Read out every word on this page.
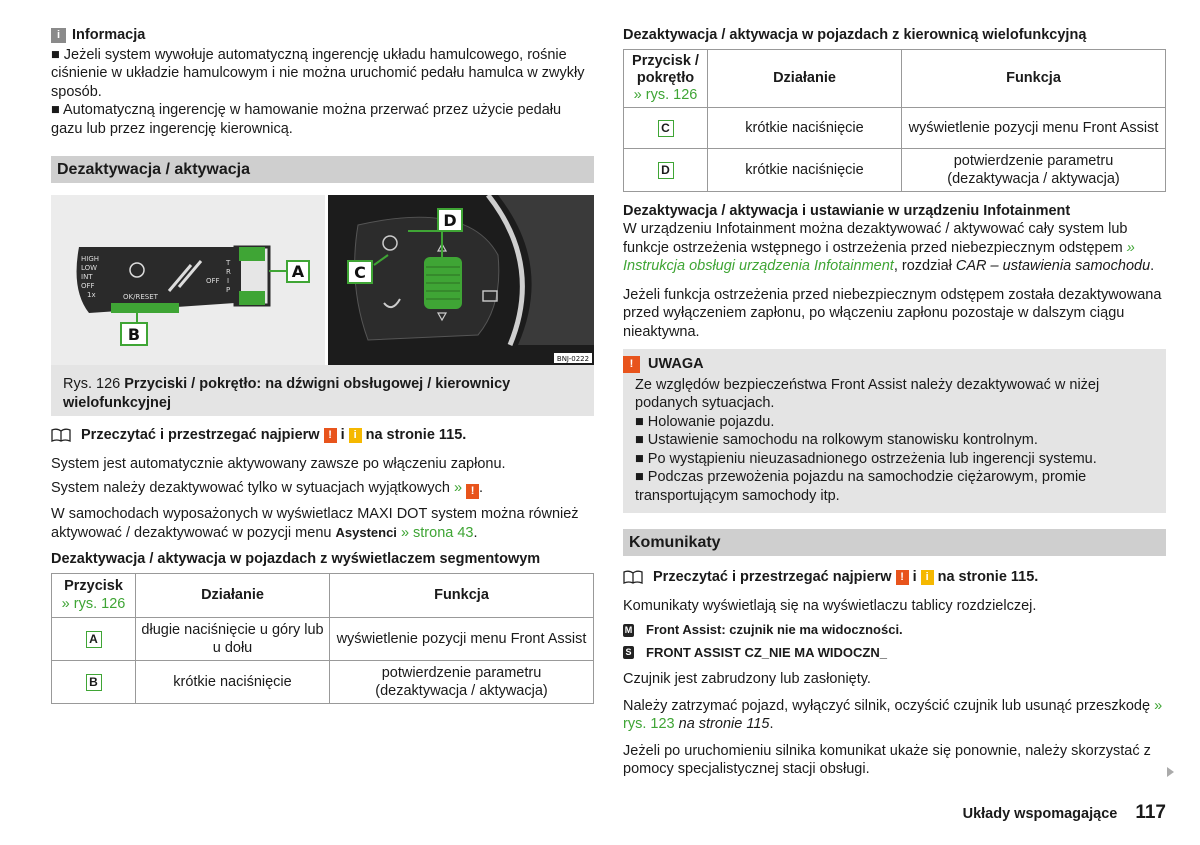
i Informacja
■ Jeżeli system wywołuje automatyczną ingerencję układu hamulcowego, rośnie ciśnienie w układzie hamulcowym i nie można uruchomić pedału hamulca w zwykły sposób.
■ Automatyczną ingerencję w hamowanie można przerwać przez użycie pedału gazu lub przez ingerencję kierownicą.
Dezaktywacja / aktywacja
HIGH
LOW
INT
OFF
1x	OK/RESET
OFF
T
R
I
P
A
B
D
C
BNJ-0222
Rys. 126 Przyciski / pokrętło: na dźwigni obsługowej / kierownicy wielofunkcyjnej
Przeczytać i przestrzegać najpierw ! i i na stronie 115.
System jest automatycznie aktywowany zawsze po włączeniu zapłonu.
System należy dezaktywować tylko w sytuacjach wyjątkowych » ! .
W samochodach wyposażonych w wyświetlacz MAXI DOT system można również aktywować / dezaktywować w pozycji menu Asystenci » strona 43.
Dezaktywacja / aktywacja w pojazdach z wyświetlaczem segmentowym
Przycisk
» rys. 126	Działanie	Funkcja
A	długie naciśnięcie u góry lub u dołu	wyświetlenie pozycji menu Front Assist
B	krótkie naciśnięcie	potwierdzenie parametru (dezaktywacja / aktywacja)
Dezaktywacja / aktywacja w pojazdach z kierownicą wielofunkcyjną
Przycisk /
pokrętło
» rys. 126	Działanie	Funkcja
C	krótkie naciśnięcie	wyświetlenie pozycji menu Front Assist
D	krótkie naciśnięcie	potwierdzenie parametru (dezaktywacja / aktywacja)
Dezaktywacja / aktywacja i ustawianie w urządzeniu Infotainment
W urządzeniu Infotainment można dezaktywować / aktywować cały system lub funkcje ostrzeżenia wstępnego i ostrzeżenia przed niebezpiecznym odstępem » Instrukcja obsługi urządzenia Infotainment, rozdział CAR – ustawienia samochodu.
Jeżeli funkcja ostrzeżenia przed niebezpiecznym odstępem została dezaktywowana przed wyłączeniem zapłonu, po włączeniu zapłonu pozostaje w dalszym ciągu nieaktywna.
!	UWAGA
Ze względów bezpieczeństwa Front Assist należy dezaktywować w niżej podanych sytuacjach.
■ Holowanie pojazdu.
■ Ustawienie samochodu na rolkowym stanowisku kontrolnym.
■ Po wystąpieniu nieuzasadnionego ostrzeżenia lub ingerencji systemu.
■ Podczas przewożenia pojazdu na samochodzie ciężarowym, promie transportującym samochody itp.
Komunikaty
Przeczytać i przestrzegać najpierw ! i i na stronie 115.
Komunikaty wyświetlają się na wyświetlaczu tablicy rozdzielczej.
M Front Assist: czujnik nie ma widoczności.
S FRONT ASSIST CZ_NIE MA WIDOCZN_
Czujnik jest zabrudzony lub zasłonięty.
Należy zatrzymać pojazd, wyłączyć silnik, oczyścić czujnik lub usunąć przeszkodę » rys. 123 na stronie 115.
Jeżeli po uruchomieniu silnika komunikat ukaże się ponownie, należy skorzystać z pomocy specjalistycznej stacji obsługi.
Układy wspomagające 117
